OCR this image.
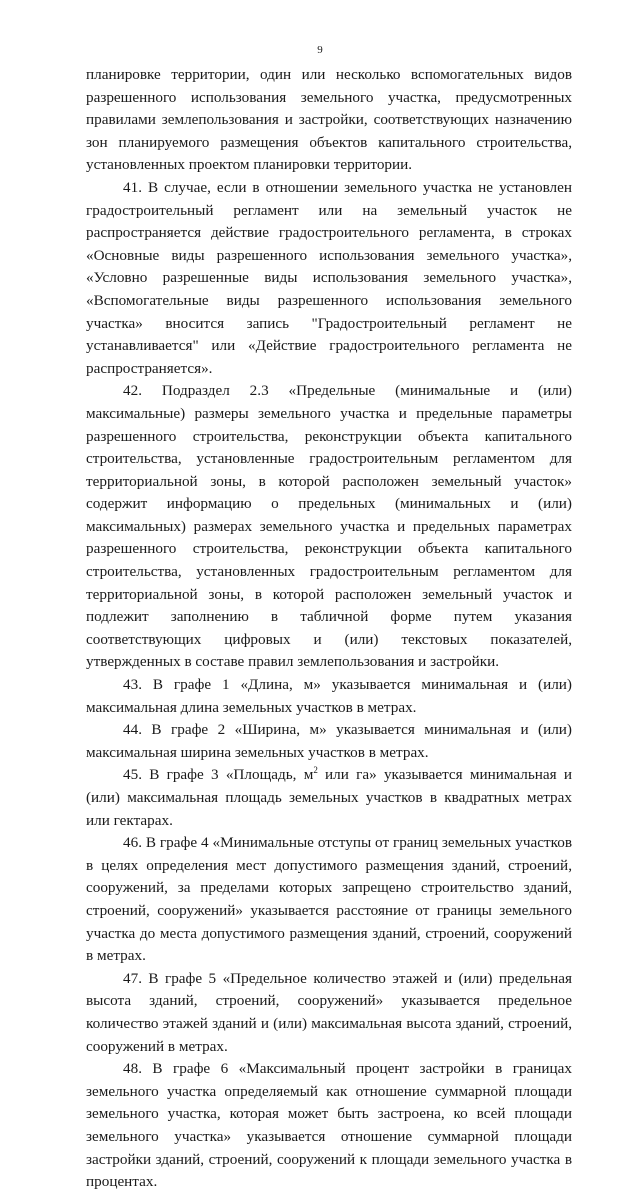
9

планировке территории, один или несколько вспомогательных видов разрешенного использования земельного участка, предусмотренных правилами землепользования и застройки, соответствующих назначению зон планируемого размещения объектов капитального строительства, установленных проектом планировки территории.

41. В случае, если в отношении земельного участка не установлен градостроительный регламент или на земельный участок не распространяется действие градостроительного регламента, в строках «Основные виды разрешенного использования земельного участка», «Условно разрешенные виды использования земельного участка», «Вспомогательные виды разрешенного использования земельного участка» вносится запись "Градостроительный регламент не устанавливается" или «Действие градостроительного регламента не распространяется».

42. Подраздел 2.3 «Предельные (минимальные и (или) максимальные) размеры земельного участка и предельные параметры разрешенного строительства, реконструкции объекта капитального строительства, установленные градостроительным регламентом для территориальной зоны, в которой расположен земельный участок» содержит информацию о предельных (минимальных и (или) максимальных) размерах земельного участка и предельных параметрах разрешенного строительства, реконструкции объекта капитального строительства, установленных градостроительным регламентом для территориальной зоны, в которой расположен земельный участок и подлежит заполнению в табличной форме путем указания соответствующих цифровых и (или) текстовых показателей, утвержденных в составе правил землепользования и застройки.

43. В графе 1 «Длина, м» указывается минимальная и (или) максимальная длина земельных участков в метрах.

44. В графе 2 «Ширина, м» указывается минимальная и (или) максимальная ширина земельных участков в метрах.

45. В графе 3 «Площадь, $м^2$ или га» указывается минимальная и (или) максимальная площадь земельных участков в квадратных метрах или гектарах.

46. В графе 4 «Минимальные отступы от границ земельных участков в целях определения мест допустимого размещения зданий, строений, сооружений, за пределами которых запрещено строительство зданий, строений, сооружений» указывается расстояние от границы земельного участка до места допустимого размещения зданий, строений, сооружений в метрах.

47. В графе 5 «Предельное количество этажей и (или) предельная высота зданий, строений, сооружений» указывается предельное количество этажей зданий и (или) максимальная высота зданий, строений, сооружений в метрах.

48. В графе 6 «Максимальный процент застройки в границах земельного участка определяемый как отношение суммарной площади земельного участка, которая может быть застроена, ко всей площади земельного участка» указывается отношение суммарной площади застройки зданий, строений, сооружений к площади земельного участка в процентах.
